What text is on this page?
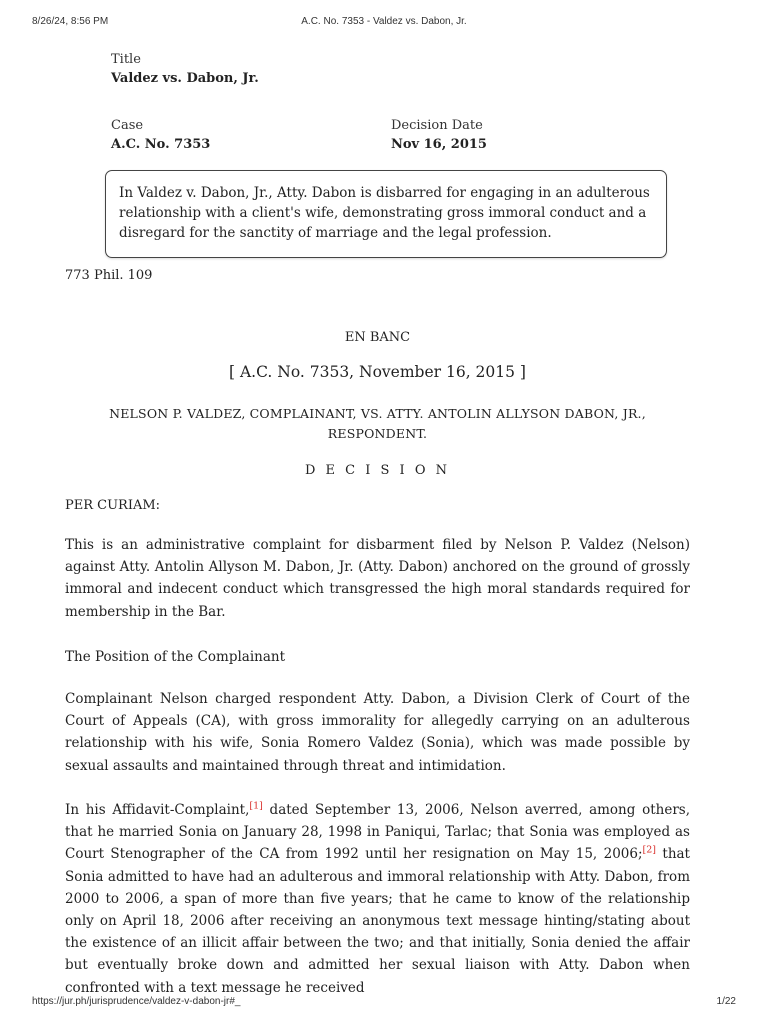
8/26/24, 8:56 PM	A.C. No. 7353 - Valdez vs. Dabon, Jr.
Title
Valdez vs. Dabon, Jr.
Case
A.C. No. 7353
Decision Date
Nov 16, 2015
In Valdez v. Dabon, Jr., Atty. Dabon is disbarred for engaging in an adulterous relationship with a client's wife, demonstrating gross immoral conduct and a disregard for the sanctity of marriage and the legal profession.
773 Phil. 109
EN BANC
[ A.C. No. 7353, November 16, 2015 ]
NELSON P. VALDEZ, COMPLAINANT, VS. ATTY. ANTOLIN ALLYSON DABON, JR., RESPONDENT.
D E C I S I O N
PER CURIAM:

This is an administrative complaint for disbarment filed by Nelson P. Valdez (Nelson) against Atty. Antolin Allyson M. Dabon, Jr. (Atty. Dabon) anchored on the ground of grossly immoral and indecent conduct which transgressed the high moral standards required for membership in the Bar.

The Position of the Complainant

Complainant Nelson charged respondent Atty. Dabon, a Division Clerk of Court of the Court of Appeals (CA), with gross immorality for allegedly carrying on an adulterous relationship with his wife, Sonia Romero Valdez (Sonia), which was made possible by sexual assaults and maintained through threat and intimidation.

In his Affidavit-Complaint,[1] dated September 13, 2006, Nelson averred, among others, that he married Sonia on January 28, 1998 in Paniqui, Tarlac; that Sonia was employed as Court Stenographer of the CA from 1992 until her resignation on May 15, 2006;[2] that Sonia admitted to have had an adulterous and immoral relationship with Atty. Dabon, from 2000 to 2006, a span of more than five years; that he came to know of the relationship only on April 18, 2006 after receiving an anonymous text message hinting/stating about the existence of an illicit affair between the two; and that initially, Sonia denied the affair but eventually broke down and admitted her sexual liaison with Atty. Dabon when confronted with a text message he received

https://jur.ph/jurisprudence/valdez-v-dabon-jr#_	1/22
